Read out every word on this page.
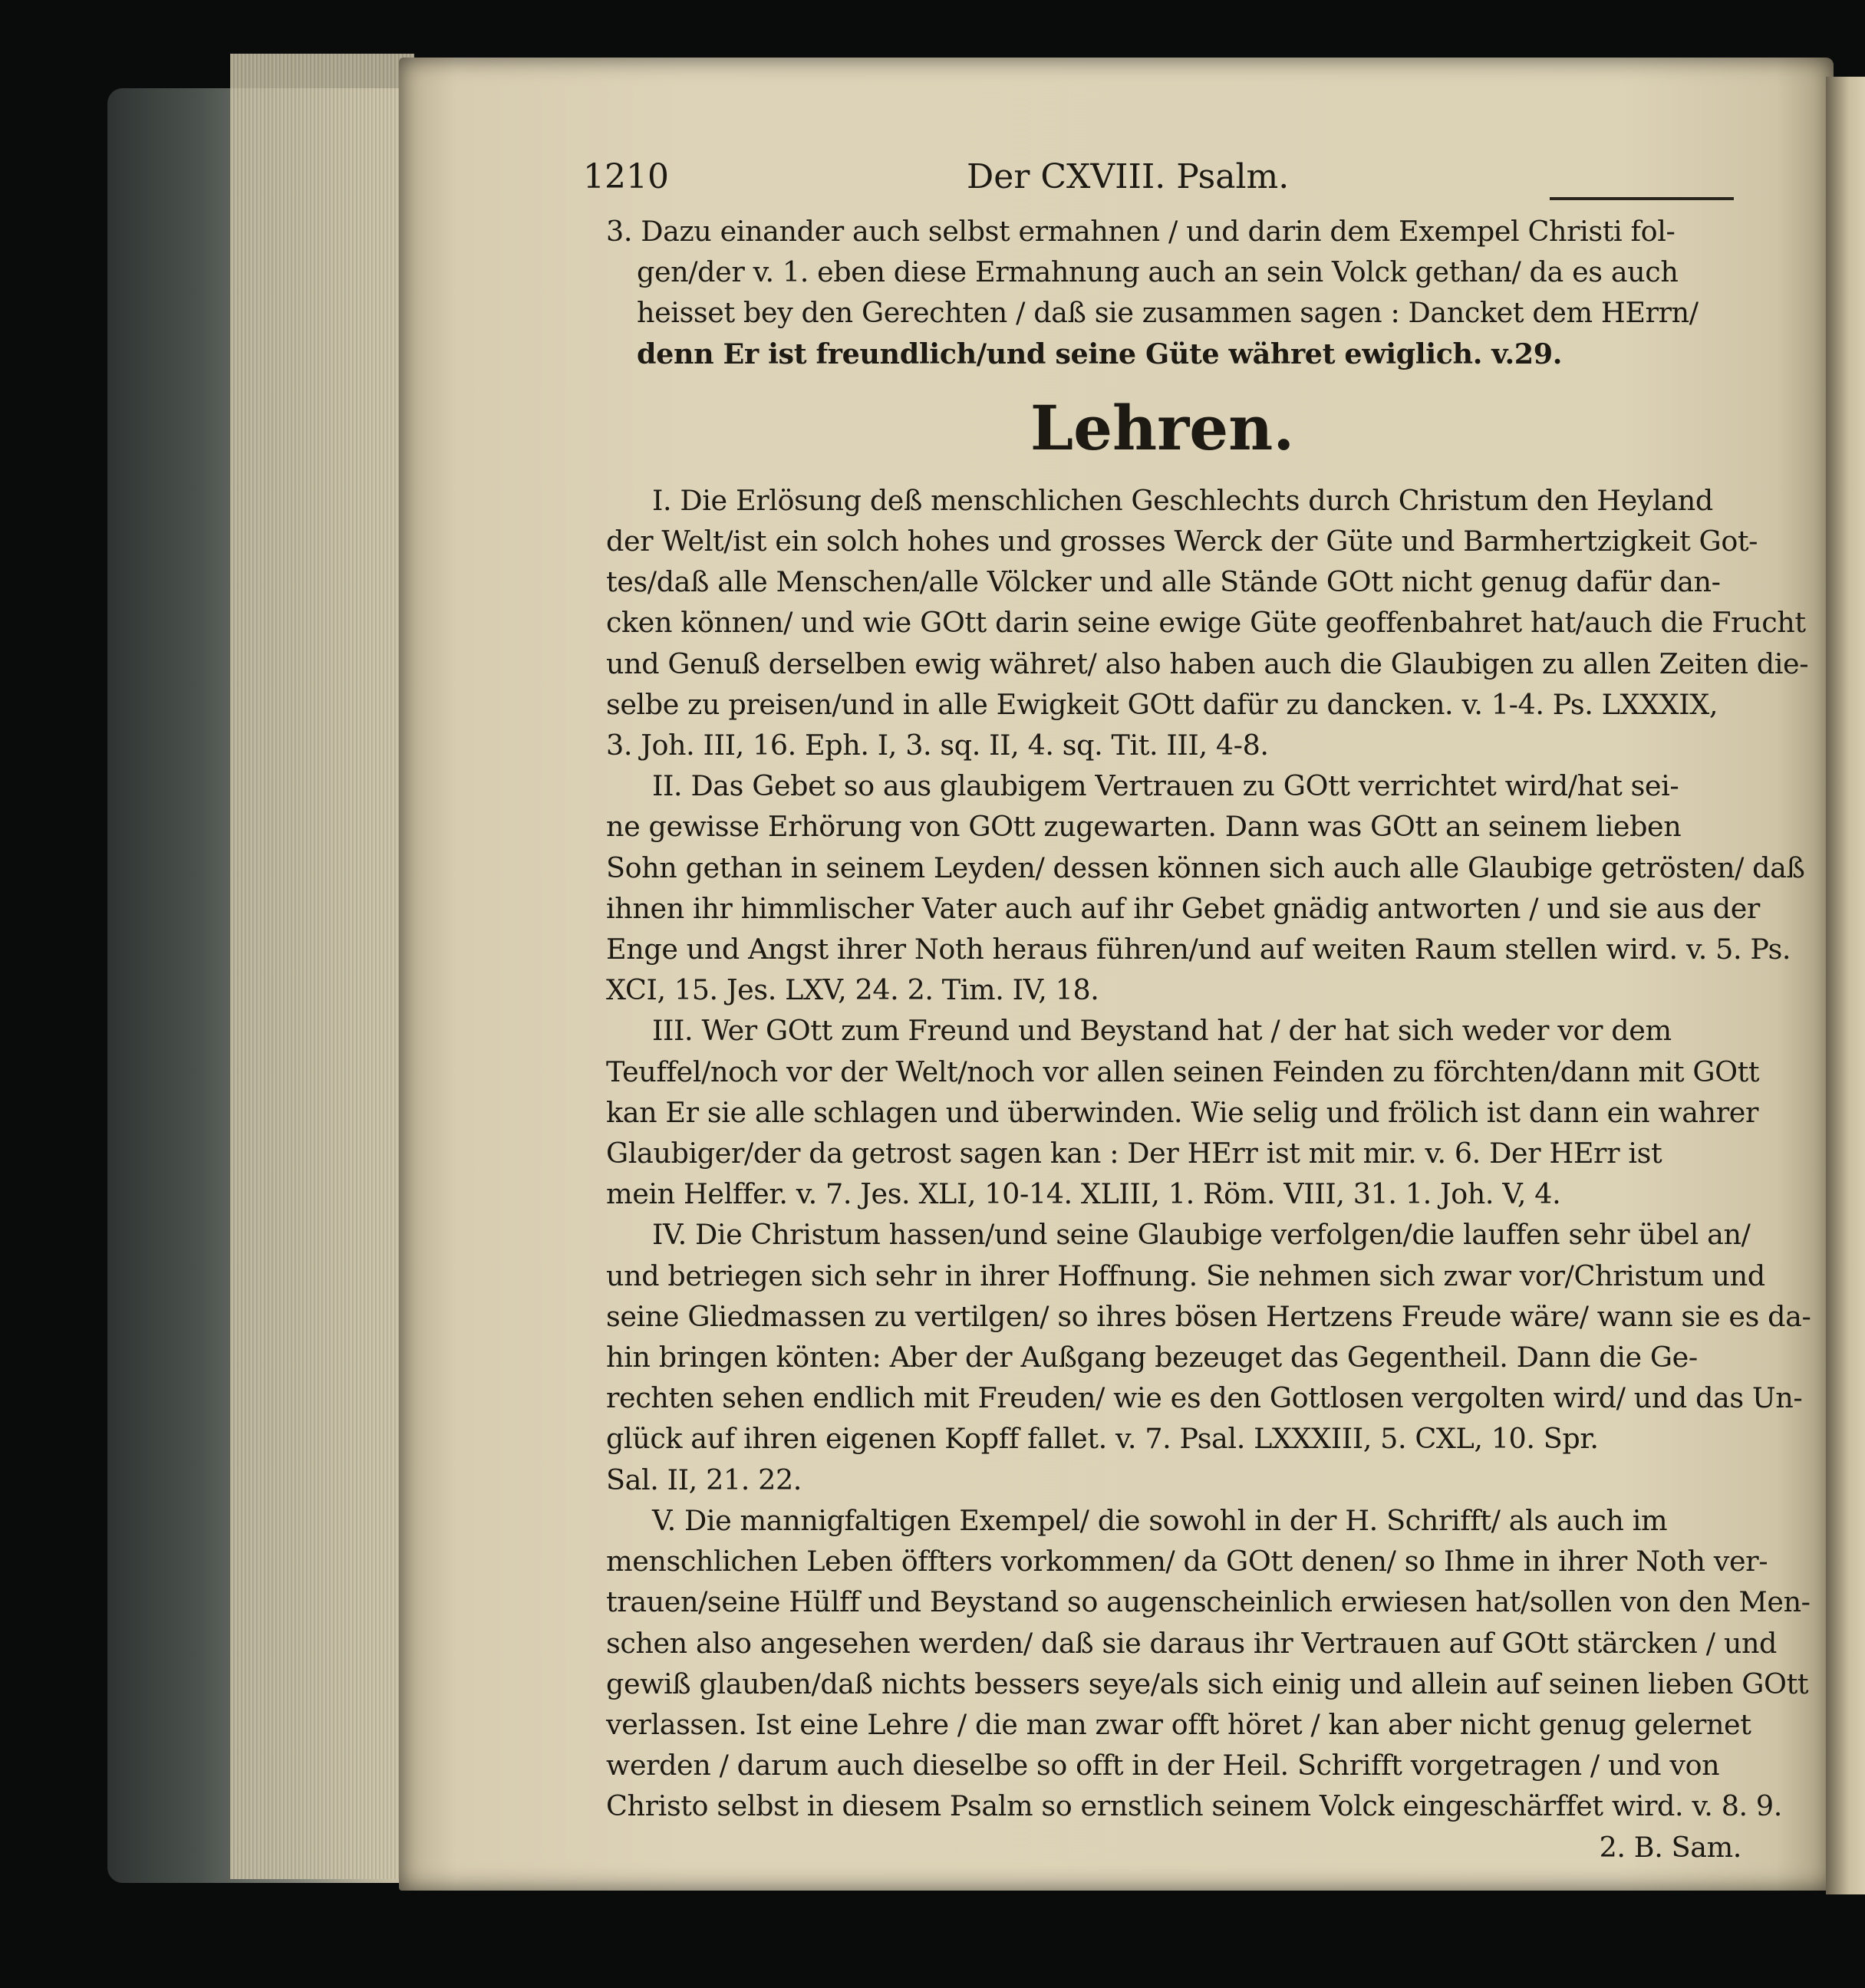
1210	Der CXVIII. Psalm.
3. Dazu einander auch selbst ermahnen / und darin dem Exempel Christi fol-
gen/der v. 1. eben diese Ermahnung auch an sein Volck gethan/ da es auch
heisset bey den Gerechten / daß sie zusammen sagen : Dancket dem HErrn/
denn Er ist freundlich/und seine Güte währet ewiglich. v.29.
Lehren.
I. Die Erlösung deß menschlichen Geschlechts durch Christum den Heyland
der Welt/ist ein solch hohes und grosses Werck der Güte und Barmhertzigkeit Got-
tes/daß alle Menschen/alle Völcker und alle Stände GOtt nicht genug dafür dan-
cken können/ und wie GOtt darin seine ewige Güte geoffenbahret hat/auch die Frucht
und Genuß derselben ewig währet/ also haben auch die Glaubigen zu allen Zeiten die-
selbe zu preisen/und in alle Ewigkeit GOtt dafür zu dancken. v. 1-4. Ps. LXXXIX,
3. Joh. III, 16. Eph. I, 3. sq. II, 4. sq. Tit. III, 4-8.
II. Das Gebet so aus glaubigem Vertrauen zu GOtt verrichtet wird/hat sei-
ne gewisse Erhörung von GOtt zugewarten. Dann was GOtt an seinem lieben
Sohn gethan in seinem Leyden/ dessen können sich auch alle Glaubige getrösten/ daß
ihnen ihr himmlischer Vater auch auf ihr Gebet gnädig antworten / und sie aus der
Enge und Angst ihrer Noth heraus führen/und auf weiten Raum stellen wird. v. 5. Ps.
XCI, 15. Jes. LXV, 24. 2. Tim. IV, 18.
III. Wer GOtt zum Freund und Beystand hat / der hat sich weder vor dem
Teuffel/noch vor der Welt/noch vor allen seinen Feinden zu förchten/dann mit GOtt
kan Er sie alle schlagen und überwinden. Wie selig und frölich ist dann ein wahrer
Glaubiger/der da getrost sagen kan : Der HErr ist mit mir. v. 6. Der HErr ist
mein Helffer. v. 7. Jes. XLI, 10-14. XLIII, 1. Röm. VIII, 31. 1. Joh. V, 4.
IV. Die Christum hassen/und seine Glaubige verfolgen/die lauffen sehr übel an/
und betriegen sich sehr in ihrer Hoffnung. Sie nehmen sich zwar vor/Christum und
seine Gliedmassen zu vertilgen/ so ihres bösen Hertzens Freude wäre/ wann sie es da-
hin bringen könten: Aber der Außgang bezeuget das Gegentheil. Dann die Ge-
rechten sehen endlich mit Freuden/ wie es den Gottlosen vergolten wird/ und das Un-
glück auf ihren eigenen Kopff fallet. v. 7. Psal. LXXXIII, 5. CXL, 10. Spr.
Sal. II, 21. 22.
V. Die mannigfaltigen Exempel/ die sowohl in der H. Schrifft/ als auch im
menschlichen Leben öffters vorkommen/ da GOtt denen/ so Ihme in ihrer Noth ver-
trauen/seine Hülff und Beystand so augenscheinlich erwiesen hat/sollen von den Men-
schen also angesehen werden/ daß sie daraus ihr Vertrauen auf GOtt stärcken / und
gewiß glauben/daß nichts bessers seye/als sich einig und allein auf seinen lieben GOtt
verlassen. Ist eine Lehre / die man zwar offt höret / kan aber nicht genug gelernet
werden / darum auch dieselbe so offt in der Heil. Schrifft vorgetragen / und von
Christo selbst in diesem Psalm so ernstlich seinem Volck eingeschärffet wird. v. 8. 9.
2. B. Sam.
